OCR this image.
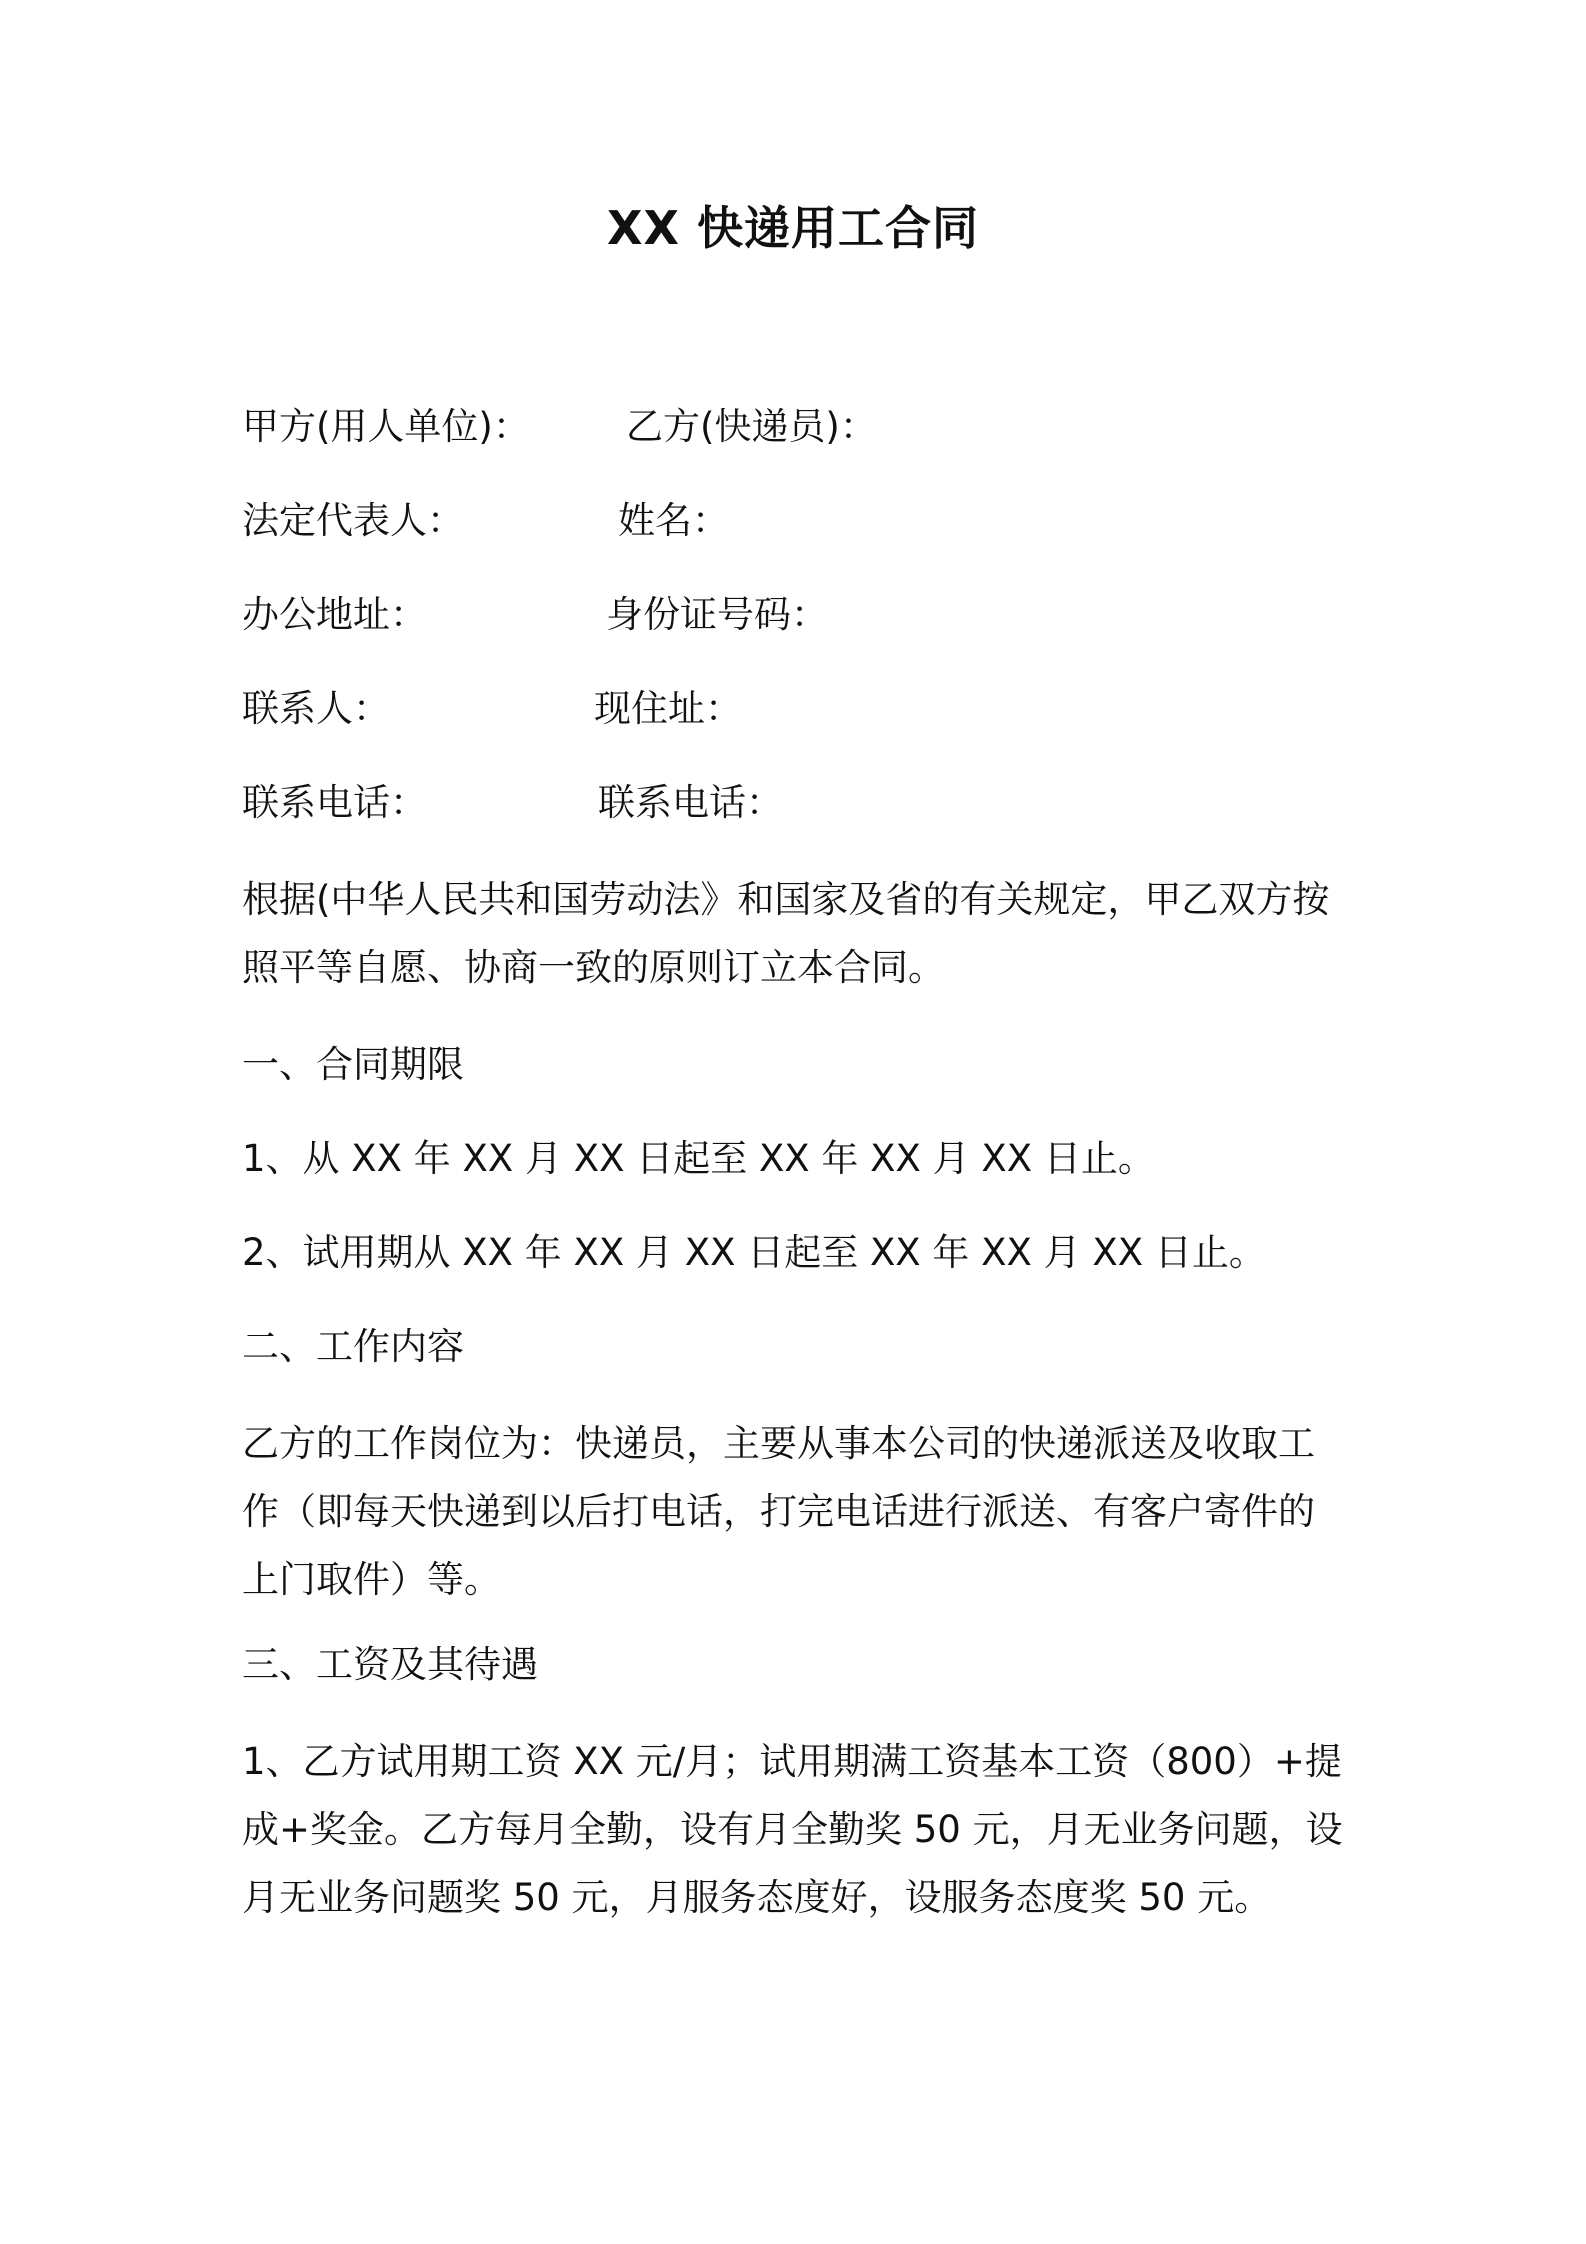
XX 快递用工合同
甲方(用人单位)：	乙方(快递员)：
法定代表人：	姓名：
办公地址：	身份证号码：
联系人：	现住址：
联系电话：	联系电话：
根据(中华人民共和国劳动法》和国家及省的有关规定，甲乙双方按
照平等自愿、协商一致的原则订立本合同。
一、合同期限
1、从 XX 年 XX 月 XX 日起至 XX 年 XX 月 XX 日止。
2、试用期从 XX 年 XX 月 XX 日起至 XX 年 XX 月 XX 日止。
二、工作内容
乙方的工作岗位为：快递员，主要从事本公司的快递派送及收取工
作（即每天快递到以后打电话，打完电话进行派送、有客户寄件的
上门取件）等。
三、工资及其待遇
1、乙方试用期工资 XX 元/月；试用期满工资基本工资（800）+提
成+奖金。乙方每月全勤，设有月全勤奖 50 元，月无业务问题，设
月无业务问题奖 50 元，月服务态度好，设服务态度奖 50 元。
